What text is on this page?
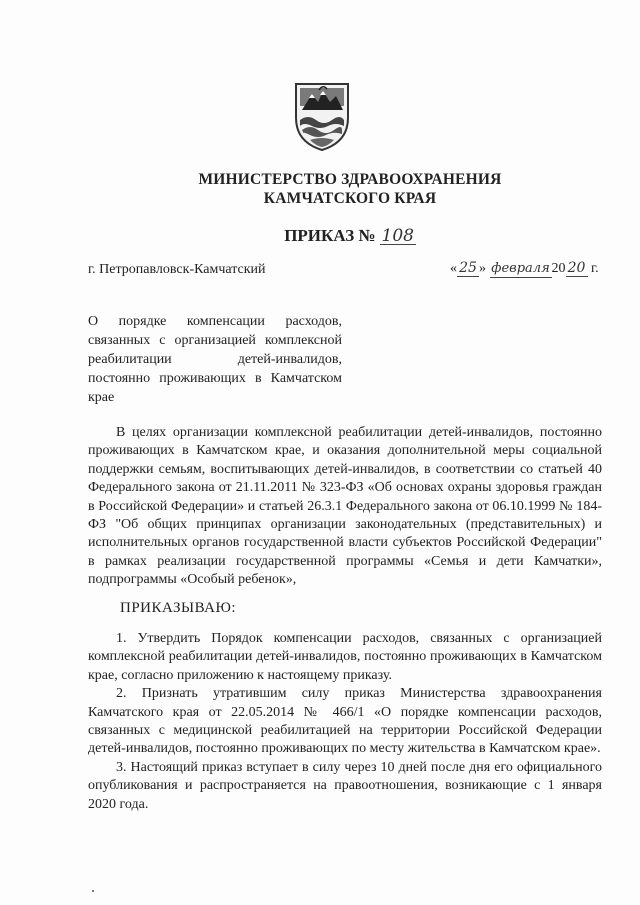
МИНИСТЕРСТВО ЗДРАВООХРАНЕНИЯ
КАМЧАТСКОГО КРАЯ
ПРИКАЗ № 108
г. Петропавловск-Камчатский	« 25 » февраля 20 20 г.
О порядке компенсации расходов, связанных с организацией комплексной реабилитации детей-инвалидов, постоянно проживающих в Камчатском крае

В целях организации комплексной реабилитации детей-инвалидов, постоянно проживающих в Камчатском крае, и оказания дополнительной меры социальной поддержки семьям, воспитывающих детей-инвалидов, в соответствии со статьей 40 Федерального закона от 21.11.2011 № 323-ФЗ «Об основах охраны здоровья граждан в Российской Федерации» и статьей 26.3.1 Федерального закона от 06.10.1999 № 184-ФЗ "Об общих принципах организации законодательных (представительных) и исполнительных органов государственной власти субъектов Российской Федерации" в рамках реализации государственной программы «Семья и дети Камчатки», подпрограммы «Особый ребенок»,

ПРИКАЗЫВАЮ:

1. Утвердить Порядок компенсации расходов, связанных с организацией комплексной реабилитации детей-инвалидов, постоянно проживающих в Камчатском крае, согласно приложению к настоящему приказу.

2. Признать утратившим силу приказ Министерства здравоохранения Камчатского края от 22.05.2014 № 466/1 «О порядке компенсации расходов, связанных с медицинской реабилитацией на территории Российской Федерации детей-инвалидов, постоянно проживающих по месту жительства в Камчатском крае».

3. Настоящий приказ вступает в силу через 10 дней после дня его официального опубликования и распространяется на правоотношения, возникающие с 1 января 2020 года.
